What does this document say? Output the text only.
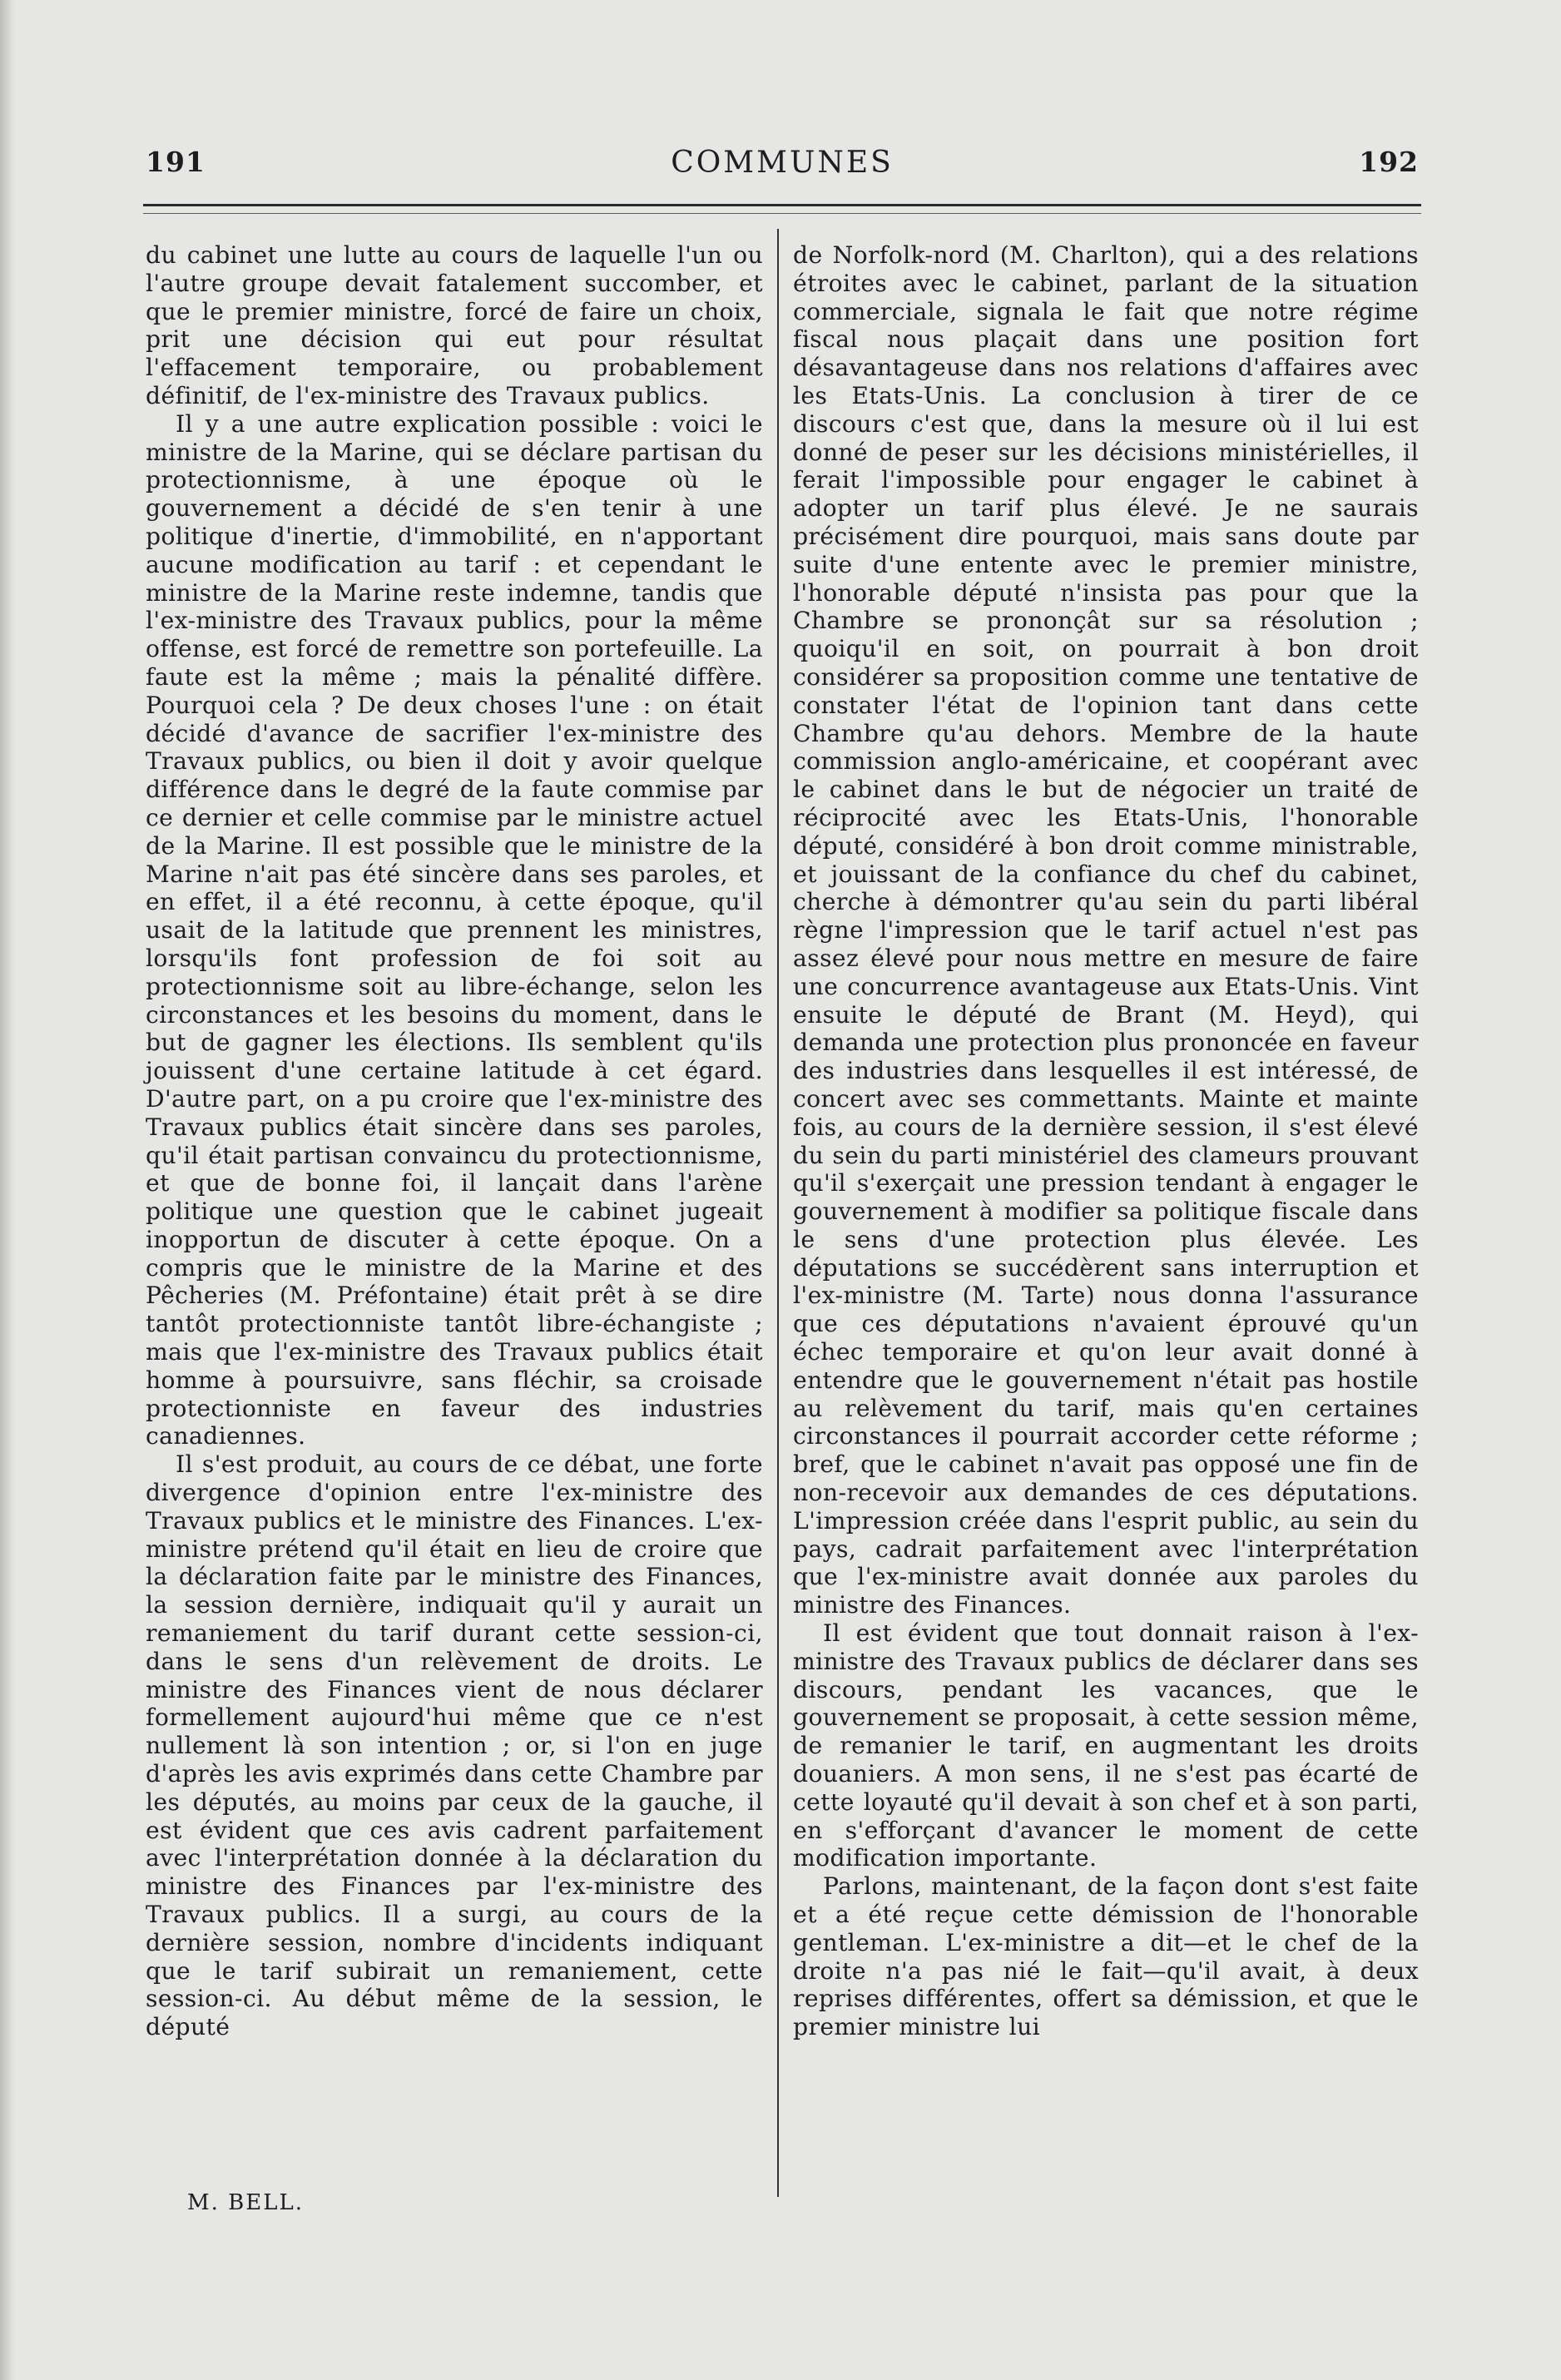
191	COMMUNES	192

du cabinet une lutte au cours de laquelle l'un ou l'autre groupe devait fatalement succomber, et que le premier ministre, forcé de faire un choix, prit une décision qui eut pour résultat l'effacement temporaire, ou probablement définitif, de l'ex-ministre des Travaux publics.

Il y a une autre explication possible : voici le ministre de la Marine, qui se déclare partisan du protectionnisme, à une époque où le gouvernement a décidé de s'en tenir à une politique d'inertie, d'immobilité, en n'apportant aucune modification au tarif : et cependant le ministre de la Marine reste indemne, tandis que l'ex-ministre des Travaux publics, pour la même offense, est forcé de remettre son portefeuille. La faute est la même ; mais la pénalité diffère. Pourquoi cela ? De deux choses l'une : on était décidé d'avance de sacrifier l'ex-ministre des Travaux publics, ou bien il doit y avoir quelque différence dans le degré de la faute commise par ce dernier et celle commise par le ministre actuel de la Marine. Il est possible que le ministre de la Marine n'ait pas été sincère dans ses paroles, et en effet, il a été reconnu, à cette époque, qu'il usait de la latitude que prennent les ministres, lorsqu'ils font profession de foi soit au protectionnisme soit au libre-échange, selon les circonstances et les besoins du moment, dans le but de gagner les élections. Ils semblent qu'ils jouissent d'une certaine latitude à cet égard. D'autre part, on a pu croire que l'ex-ministre des Travaux publics était sincère dans ses paroles, qu'il était partisan convaincu du protectionnisme, et que de bonne foi, il lançait dans l'arène politique une question que le cabinet jugeait inopportun de discuter à cette époque. On a compris que le ministre de la Marine et des Pêcheries (M. Préfontaine) était prêt à se dire tantôt protectionniste tantôt libre-échangiste ; mais que l'ex-ministre des Travaux publics était homme à poursuivre, sans fléchir, sa croisade protectionniste en faveur des industries canadiennes.

Il s'est produit, au cours de ce débat, une forte divergence d'opinion entre l'ex-ministre des Travaux publics et le ministre des Finances. L'ex-ministre prétend qu'il était en lieu de croire que la déclaration faite par le ministre des Finances, la session dernière, indiquait qu'il y aurait un remaniement du tarif durant cette session-ci, dans le sens d'un relèvement de droits. Le ministre des Finances vient de nous déclarer formellement aujourd'hui même que ce n'est nullement là son intention ; or, si l'on en juge d'après les avis exprimés dans cette Chambre par les députés, au moins par ceux de la gauche, il est évident que ces avis cadrent parfaitement avec l'interprétation donnée à la déclaration du ministre des Finances par l'ex-ministre des Travaux publics. Il a surgi, au cours de la dernière session, nombre d'incidents indiquant que le tarif subirait un remaniement, cette session-ci. Au début même de la session, le député

de Norfolk-nord (M. Charlton), qui a des relations étroites avec le cabinet, parlant de la situation commerciale, signala le fait que notre régime fiscal nous plaçait dans une position fort désavantageuse dans nos relations d'affaires avec les Etats-Unis. La conclusion à tirer de ce discours c'est que, dans la mesure où il lui est donné de peser sur les décisions ministérielles, il ferait l'impossible pour engager le cabinet à adopter un tarif plus élevé. Je ne saurais précisément dire pourquoi, mais sans doute par suite d'une entente avec le premier ministre, l'honorable député n'insista pas pour que la Chambre se prononçât sur sa résolution ; quoiqu'il en soit, on pourrait à bon droit considérer sa proposition comme une tentative de constater l'état de l'opinion tant dans cette Chambre qu'au dehors. Membre de la haute commission anglo-américaine, et coopérant avec le cabinet dans le but de négocier un traité de réciprocité avec les Etats-Unis, l'honorable député, considéré à bon droit comme ministrable, et jouissant de la confiance du chef du cabinet, cherche à démontrer qu'au sein du parti libéral règne l'impression que le tarif actuel n'est pas assez élevé pour nous mettre en mesure de faire une concurrence avantageuse aux Etats-Unis. Vint ensuite le député de Brant (M. Heyd), qui demanda une protection plus prononcée en faveur des industries dans lesquelles il est intéressé, de concert avec ses commettants. Mainte et mainte fois, au cours de la dernière session, il s'est élevé du sein du parti ministériel des clameurs prouvant qu'il s'exerçait une pression tendant à engager le gouvernement à modifier sa politique fiscale dans le sens d'une protection plus élevée. Les députations se succédèrent sans interruption et l'ex-ministre (M. Tarte) nous donna l'assurance que ces députations n'avaient éprouvé qu'un échec temporaire et qu'on leur avait donné à entendre que le gouvernement n'était pas hostile au relèvement du tarif, mais qu'en certaines circonstances il pourrait accorder cette réforme ; bref, que le cabinet n'avait pas opposé une fin de non-recevoir aux demandes de ces députations. L'impression créée dans l'esprit public, au sein du pays, cadrait parfaitement avec l'interprétation que l'ex-ministre avait donnée aux paroles du ministre des Finances.

Il est évident que tout donnait raison à l'ex-ministre des Travaux publics de déclarer dans ses discours, pendant les vacances, que le gouvernement se proposait, à cette session même, de remanier le tarif, en augmentant les droits douaniers. A mon sens, il ne s'est pas écarté de cette loyauté qu'il devait à son chef et à son parti, en s'efforçant d'avancer le moment de cette modification importante.

Parlons, maintenant, de la façon dont s'est faite et a été reçue cette démission de l'honorable gentleman. L'ex-ministre a dit—et le chef de la droite n'a pas nié le fait—qu'il avait, à deux reprises différentes, offert sa démission, et que le premier ministre lui

M. BELL.
